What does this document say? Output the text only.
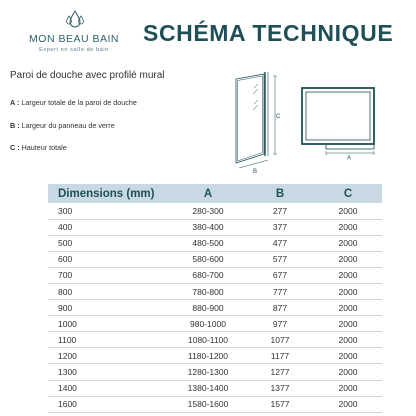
MON BEAU BAIN
Expert en salle de bain
SCHÉMA TECHNIQUE
Paroi de douche avec profilé mural
A : Largeur totale de la paroi de douche
B : Largeur du panneau de verre
C : Hauteur totale
C
B
A
Dimensions (mm)	A	B	C
300	280-300	277	2000
400	380-400	377	2000
500	480-500	477	2000
600	580-600	577	2000
700	680-700	677	2000
800	780-800	777	2000
900	880-900	877	2000
1000	980-1000	977	2000
1100	1080-1100	1077	2000
1200	1180-1200	1177	2000
1300	1280-1300	1277	2000
1400	1380-1400	1377	2000
1600	1580-1600	1577	2000
